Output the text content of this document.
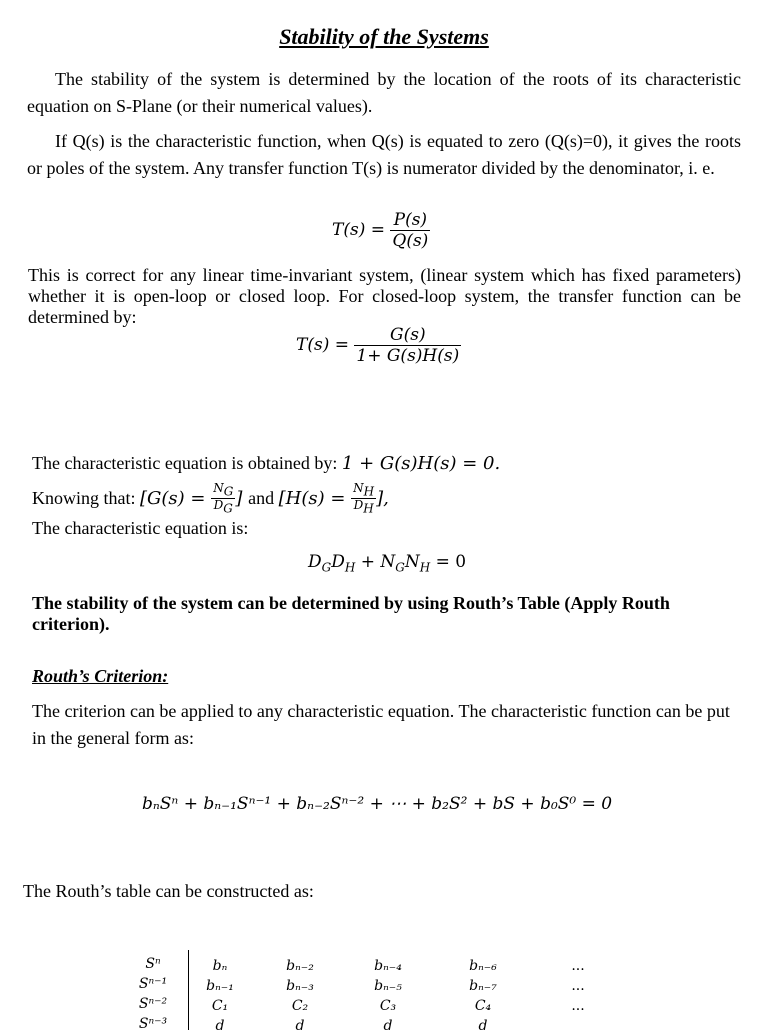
Stability of the Systems
The stability of the system is determined by the location of the roots of its characteristic equation on S-Plane (or their numerical values).
If Q(s) is the characteristic function, when Q(s) is equated to zero (Q(s)=0), it gives the roots or poles of the system. Any transfer function T(s) is numerator divided by the denominator, i. e.
$T(s) = \frac{P(s)}{Q(s)}$
This is correct for any linear time-invariant system, (linear system which has fixed parameters) whether it is open-loop or closed loop. For closed-loop system, the transfer function can be determined by:
$T(s) = \frac{G(s)}{1+ G(s)H(s)}$
The characteristic equation is obtained by: 1 + G(s)H(s) = 0.
Knowing that: [$G(s) = \frac{N_G}{D_G}$ ] and [$H(s) = \frac{N_H}{D_H}$ ],
The characteristic equation is:
$D_GD_H + N_GN_H = 0$
The stability of the system can be determined by using Routh’s Table (Apply Routh criterion).
Routh’s Criterion:
The criterion can be applied to any characteristic equation. The characteristic function can be put in the general form as:
bₙSⁿ + bₙ₋₁Sⁿ⁻¹ + bₙ₋₂Sⁿ⁻² + ⋯ + b₂S² + bS + b₀S⁰ = 0
The Routh’s table can be constructed as:
Sⁿ
Sⁿ⁻¹
Sⁿ⁻²
Sⁿ⁻³
bₙ
bₙ₋₁
C₁
d
bₙ₋₂
bₙ₋₃
C₂
d
bₙ₋₄
bₙ₋₅
C₃
d
bₙ₋₆
bₙ₋₇
C₄
d
...
...
...
